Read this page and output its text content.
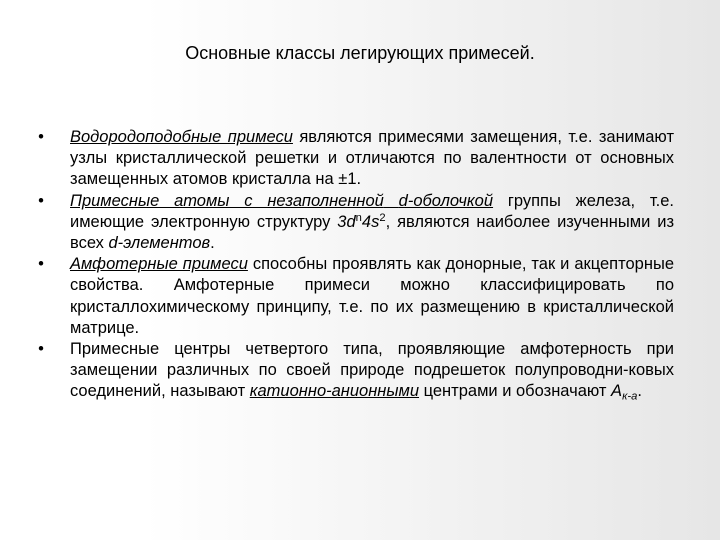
Основные классы легирующих примесей.
• Водородоподобные примеси являются примесями замещения, т.е. занимают узлы кристаллической решетки и отличаются по валентности от основных замещенных атомов кристалла на ±1.
• Примесные атомы с незаполненной d-оболочкой группы железа, т.е. имеющие электронную структуру $3d^n4s^2$, являются наиболее изученными из всех d-элементов.
• Амфотерные примеси способны проявлять как донорные, так и акцепторные свойства. Амфотерные примеси можно классифицировать по кристаллохимическому принципу, т.е. по их размещению в кристаллической матрице.
• Примесные центры четвертого типа, проявляющие амфотерность при замещении различных по своей природе подрешеток полупроводни-ковых соединений, называют катионно-анионными центрами и обозначают $A_{к-а}$.
